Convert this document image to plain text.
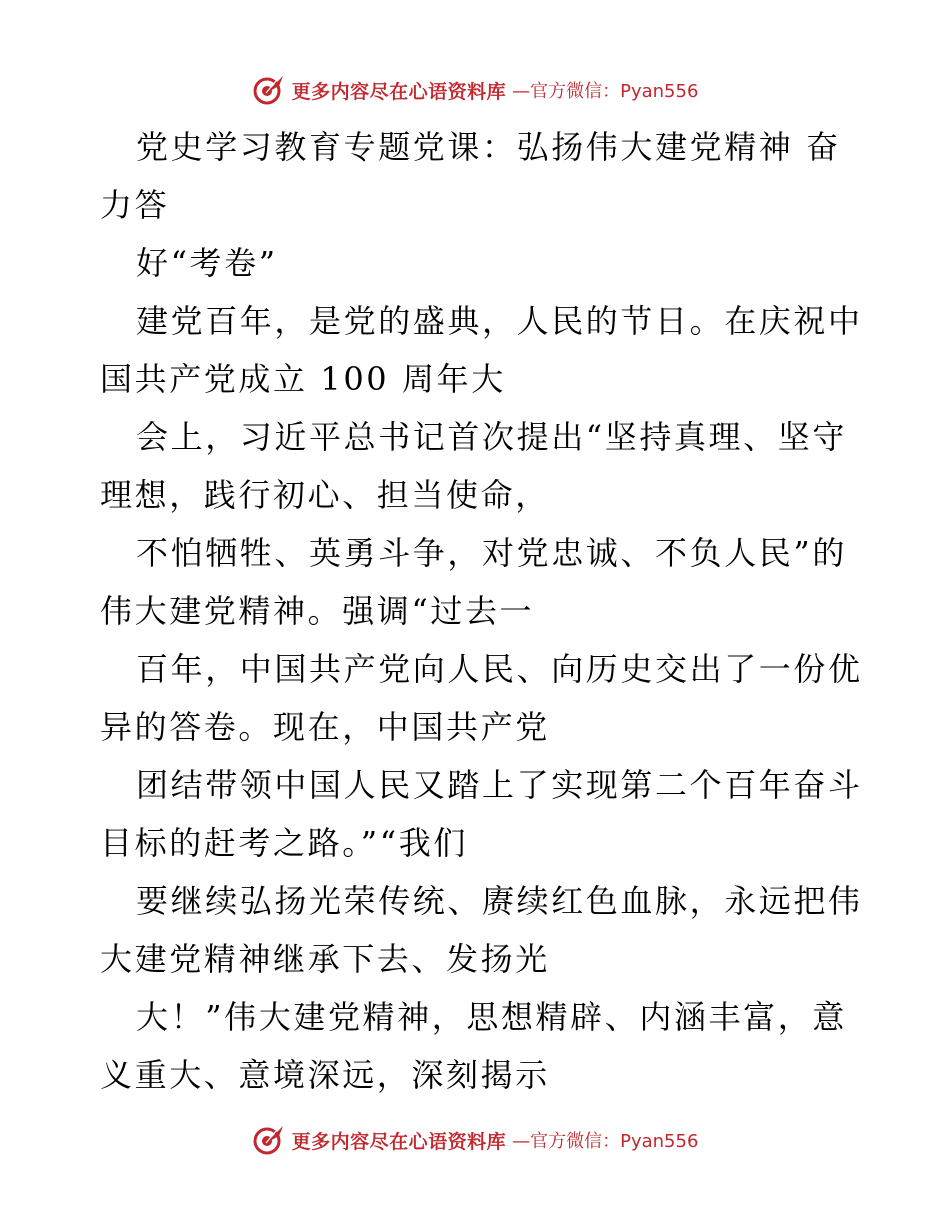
更多内容尽在心语资料库 —官方微信：Pyan556
党史学习教育专题党课：弘扬伟大建党精神 奋
力答
好“考卷”
建党百年，是党的盛典，人民的节日。在庆祝中
国共产党成立 100 周年大
会上，习近平总书记首次提出“坚持真理、坚守
理想，践行初心、担当使命，
不怕牺牲、英勇斗争，对党忠诚、不负人民”的
伟大建党精神。强调“过去一
百年，中国共产党向人民、向历史交出了一份优
异的答卷。现在，中国共产党
团结带领中国人民又踏上了实现第二个百年奋斗
目标的赶考之路。”“我们
要继续弘扬光荣传统、赓续红色血脉，永远把伟
大建党精神继承下去、发扬光
大！”伟大建党精神，思想精辟、内涵丰富，意
义重大、意境深远，深刻揭示
更多内容尽在心语资料库 —官方微信：Pyan556
